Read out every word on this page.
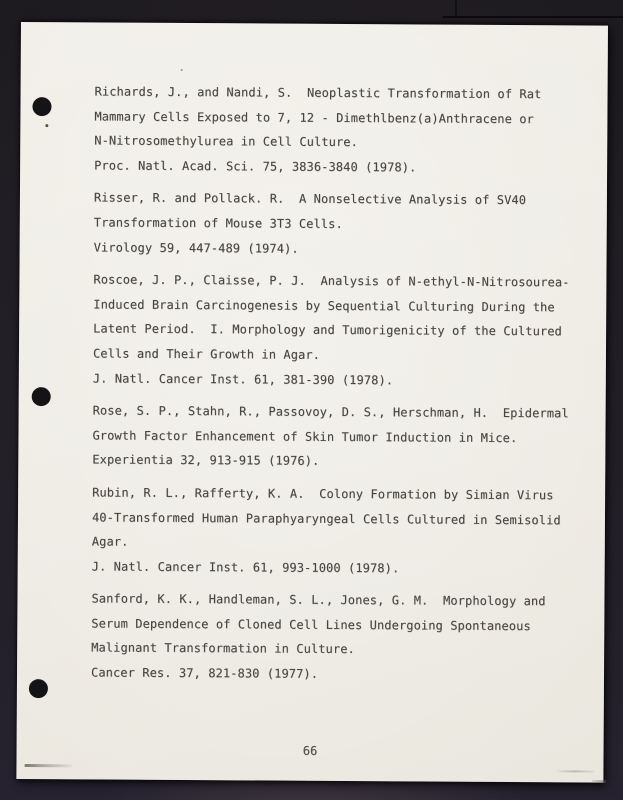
Richards, J., and Nandi, S.  Neoplastic Transformation of Rat
Mammary Cells Exposed to 7, 12 - Dimethlbenz(a)Anthracene or
N-Nitrosomethylurea in Cell Culture.
Proc. Natl. Acad. Sci. 75, 3836-3840 (1978).
Risser, R. and Pollack. R.  A Nonselective Analysis of SV40
Transformation of Mouse 3T3 Cells.
Virology 59, 447-489 (1974).
Roscoe, J. P., Claisse, P. J.  Analysis of N-ethyl-N-Nitrosourea-
Induced Brain Carcinogenesis by Sequential Culturing During the
Latent Period.  I. Morphology and Tumorigenicity of the Cultured
Cells and Their Growth in Agar.
J. Natl. Cancer Inst. 61, 381-390 (1978).
Rose, S. P., Stahn, R., Passovoy, D. S., Herschman, H.  Epidermal
Growth Factor Enhancement of Skin Tumor Induction in Mice.
Experientia 32, 913-915 (1976).
Rubin, R. L., Rafferty, K. A.  Colony Formation by Simian Virus
40-Transformed Human Paraphyaryngeal Cells Cultured in Semisolid
Agar.
J. Natl. Cancer Inst. 61, 993-1000 (1978).
Sanford, K. K., Handleman, S. L., Jones, G. M.  Morphology and
Serum Dependence of Cloned Cell Lines Undergoing Spontaneous
Malignant Transformation in Culture.
Cancer Res. 37, 821-830 (1977).
66
